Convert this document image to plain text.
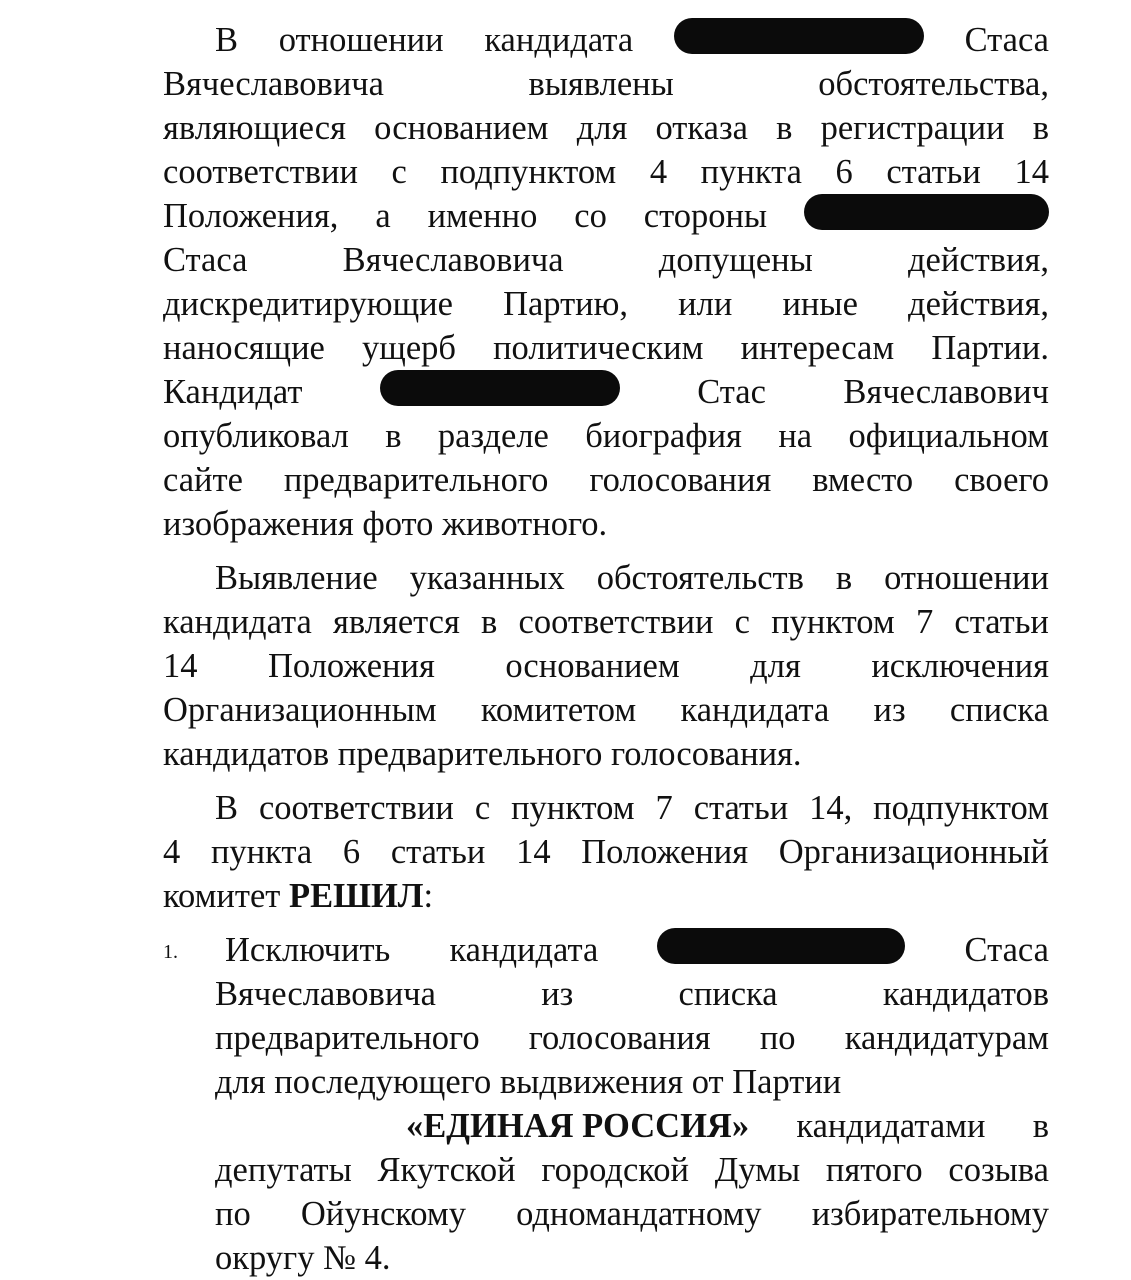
В отношении кандидата	Стаса
Вячеславовича	выявлены	обстоятельства,
являющиеся основанием для отказа в регистрации в
соответствии с подпунктом 4 пункта 6 статьи 14
Положения, а именно со стороны
Стаса	Вячеславовича	допущены	действия,
дискредитирующие Партию, или иные действия,
наносящие ущерб политическим интересам Партии.
Кандидат	Стас Вячеславович
опубликовал в разделе биография на официальном
сайте предварительного голосования вместо своего
изображения фото животного.
Выявление указанных обстоятельств в отношении
кандидата является в соответствии с пунктом 7 статьи
14 Положения основанием для исключения
Организационным комитетом кандидата из списка
кандидатов предварительного голосования.
В соответствии с пунктом 7 статьи 14, подпунктом
4 пункта 6 статьи 14 Положения Организационный
комитет РЕШИЛ:
1. Исключить кандидата	Стаса
Вячеславовича	из	списка	кандидатов
предварительного голосования по кандидатурам
для последующего выдвижения от Партии
«ЕДИНАЯ РОССИЯ» кандидатами в
депутаты Якутской городской Думы пятого созыва
по Ойунскому одномандатному избирательному
округу № 4.
